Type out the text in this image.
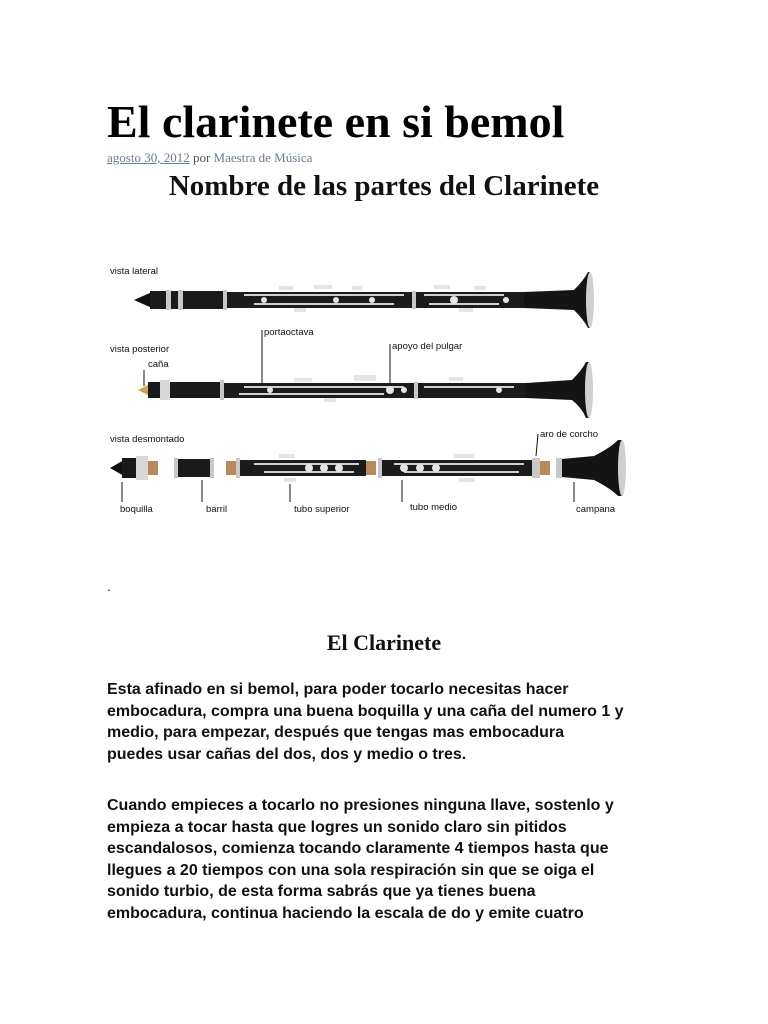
El clarinete en si bemol
agosto 30, 2012 por Maestra de Música
Nombre de las partes del Clarinete
vista lateral
vista posterior
caña
portaoctava
apoyo del pulgar
vista desmontado	aro de corcho
boquilla	barril	tubo superior	tubo medio	campana
.
El Clarinete

Esta afinado en si bemol, para poder tocarlo necesitas hacer
embocadura, compra una buena boquilla y una caña del numero 1 y
medio, para empezar, después que tengas mas embocadura
puedes usar cañas del dos, dos y medio o tres.

Cuando empieces a tocarlo no presiones ninguna llave, sostenlo y
empieza a tocar hasta que logres un sonido claro sin pitidos
escandalosos, comienza tocando claramente 4 tiempos hasta que
llegues a 20 tiempos con una sola respiración sin que se oiga el
sonido turbio, de esta forma sabrás que ya tienes buena
embocadura, continua haciendo la escala de do y emite cuatro
